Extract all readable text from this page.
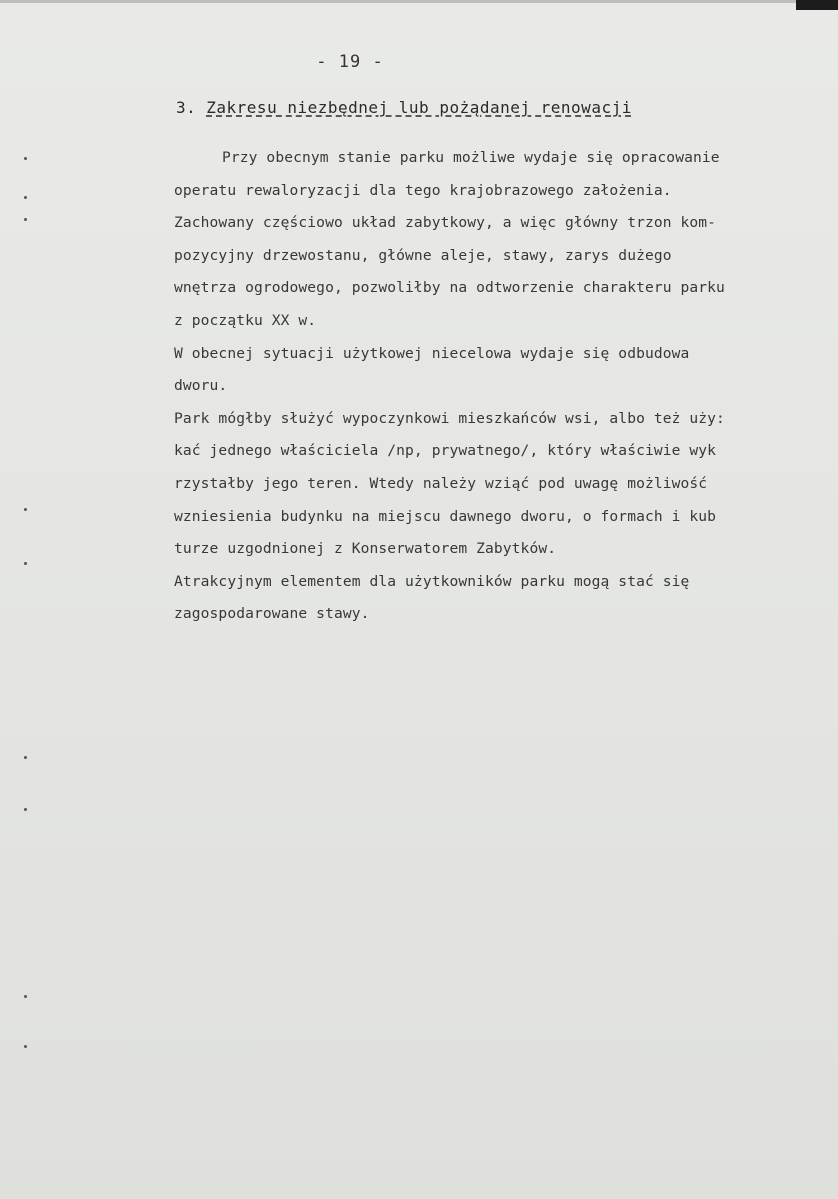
- 19 -
3. Zakresu niezbędnej lub pożądanej renowacji
Przy obecnym stanie parku możliwe wydaje się opracowanie
operatu rewaloryzacji dla tego krajobrazowego założenia.
Zachowany częściowo układ zabytkowy, a więc główny trzon kom-
pozycyjny drzewostanu, główne aleje, stawy, zarys dużego
wnętrza ogrodowego, pozwoliłby na odtworzenie charakteru parku
z początku XX w.
W obecnej sytuacji użytkowej niecelowa wydaje się odbudowa
dworu.
Park mógłby służyć wypoczynkowi mieszkańców wsi, albo też uży:
kać jednego właściciela /np, prywatnego/, który właściwie wyk
rzystałby jego teren. Wtedy należy wziąć pod uwagę możliwość
wzniesienia budynku na miejscu dawnego dworu, o formach i kub
turze uzgodnionej z Konserwatorem Zabytków.
Atrakcyjnym elementem dla użytkowników parku mogą stać się
zagospodarowane stawy.
